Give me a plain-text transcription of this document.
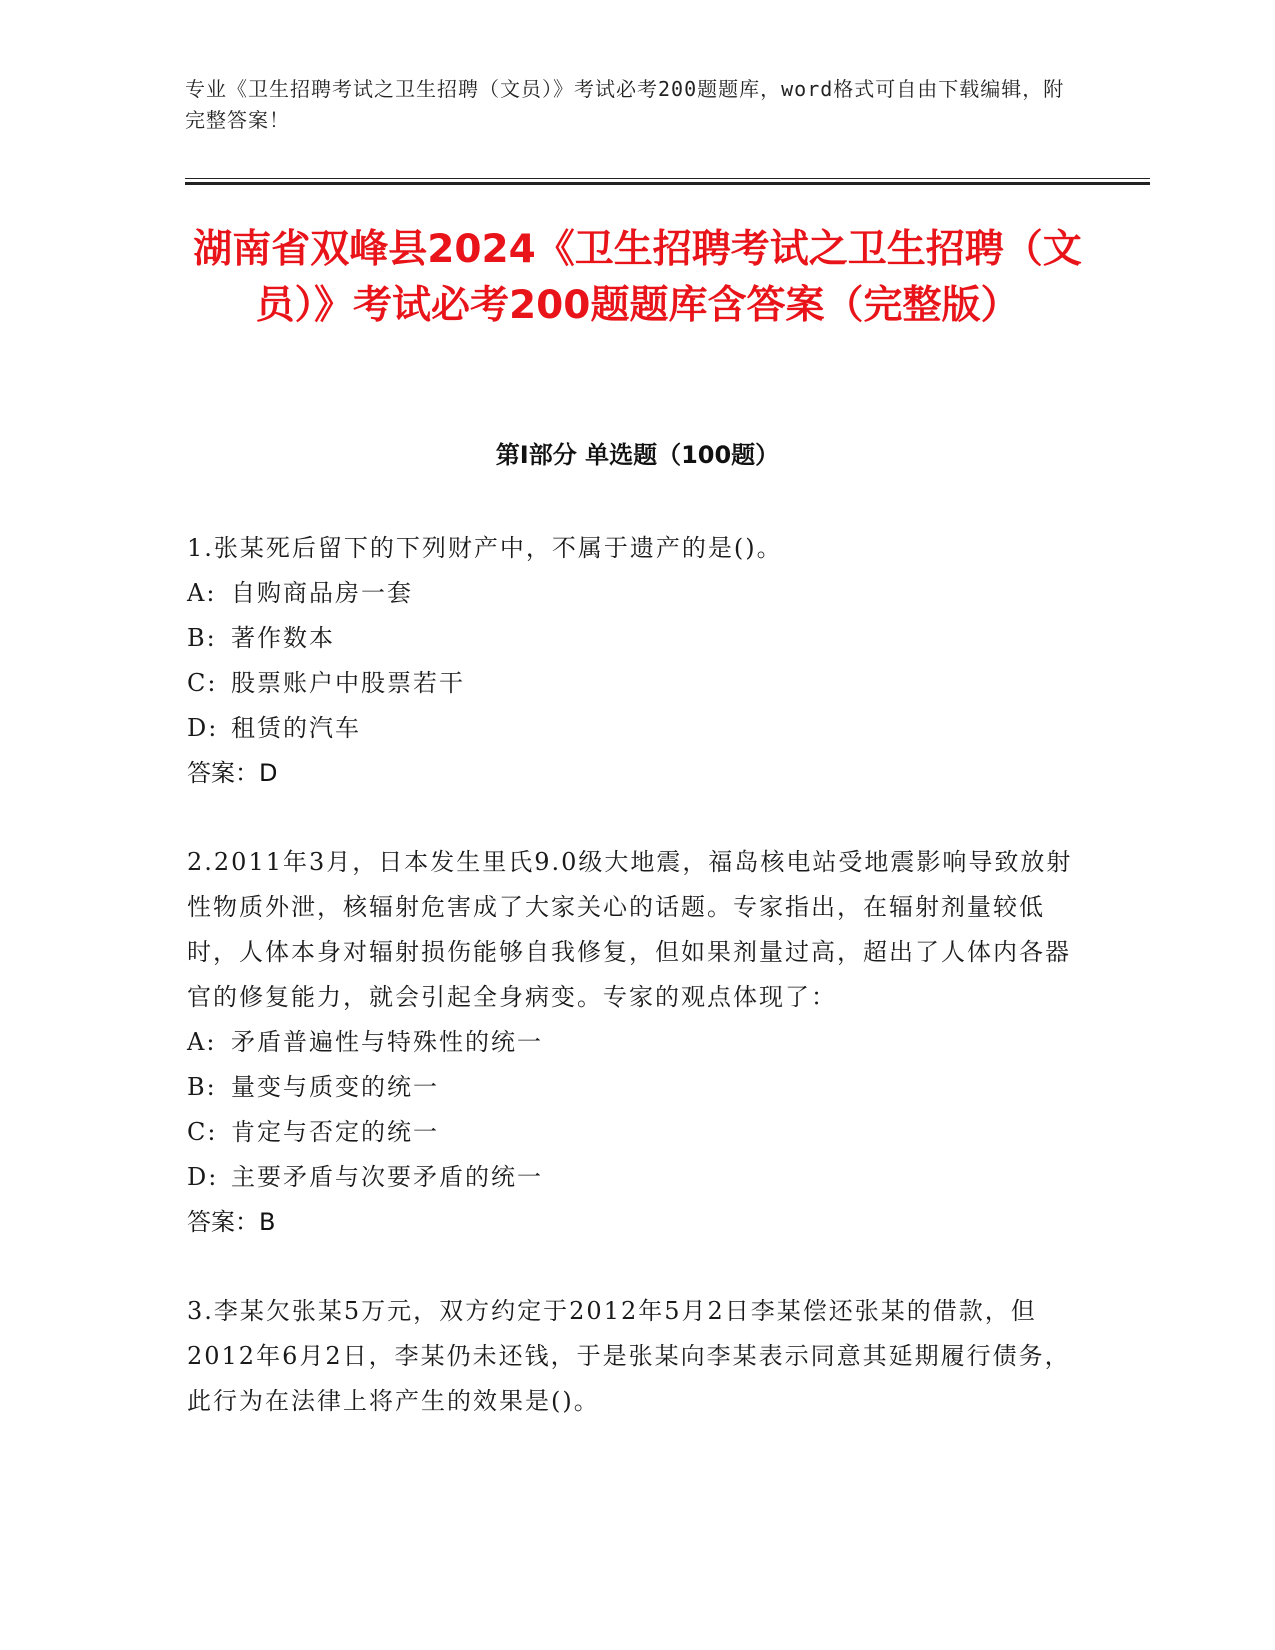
专业《卫生招聘考试之卫生招聘（文员）》考试必考200题题库，word格式可自由下载编辑，附完整答案！
湖南省双峰县2024《卫生招聘考试之卫生招聘（文员）》考试必考200题题库含答案（完整版）
第Ⅰ部分 单选题（100题）
1.张某死后留下的下列财产中，不属于遗产的是()。
A: 自购商品房一套
B: 著作数本
C: 股票账户中股票若干
D: 租赁的汽车
答案：D
2.2011年3月，日本发生里氏9.0级大地震，福岛核电站受地震影响导致放射性物质外泄，核辐射危害成了大家关心的话题。专家指出，在辐射剂量较低时，人体本身对辐射损伤能够自我修复，但如果剂量过高，超出了人体内各器官的修复能力，就会引起全身病变。专家的观点体现了：
A: 矛盾普遍性与特殊性的统一
B: 量变与质变的统一
C: 肯定与否定的统一
D: 主要矛盾与次要矛盾的统一
答案：B
3.李某欠张某5万元，双方约定于2012年5月2日李某偿还张某的借款，但2012年6月2日，李某仍未还钱，于是张某向李某表示同意其延期履行债务，此行为在法律上将产生的效果是()。
